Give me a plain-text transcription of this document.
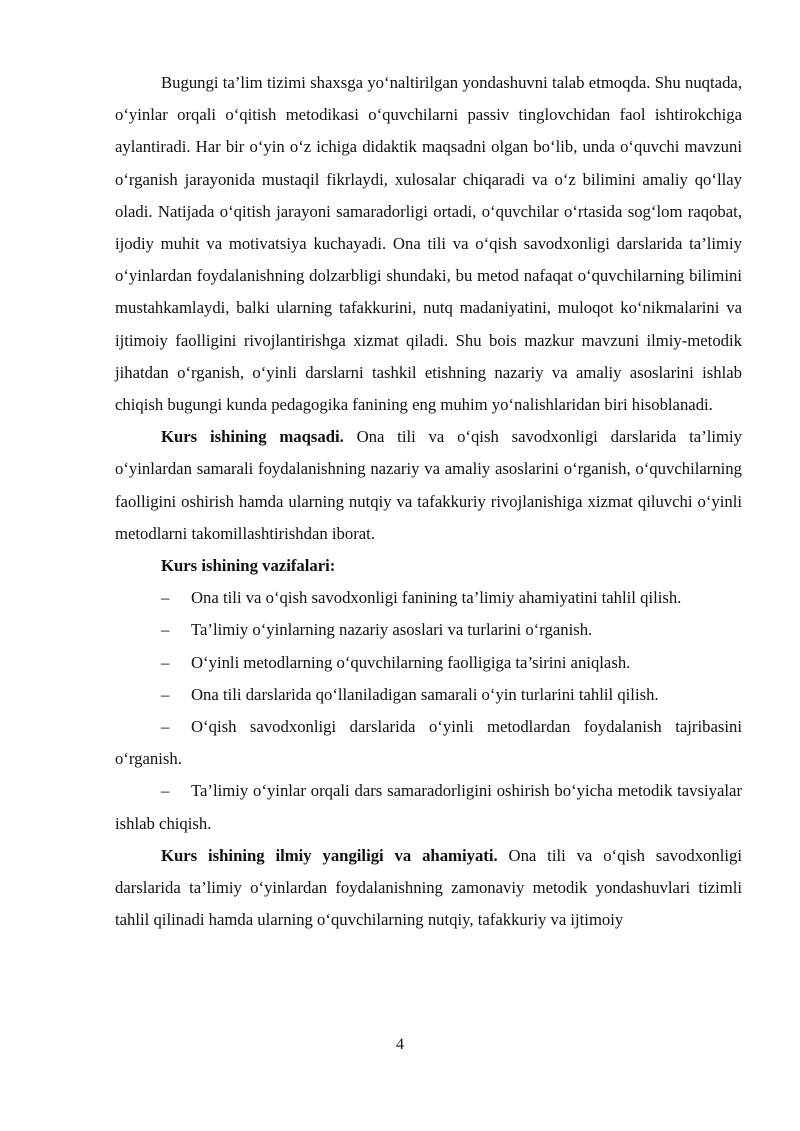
Bugungi ta’lim tizimi shaxsga yo‘naltirilgan yondashuvni talab etmoqda. Shu nuqtada, o‘yinlar orqali o‘qitish metodikasi o‘quvchilarni passiv tinglovchidan faol ishtirokchiga aylantiradi. Har bir o‘yin o‘z ichiga didaktik maqsadni olgan bo‘lib, unda o‘quvchi mavzuni o‘rganish jarayonida mustaqil fikrlaydi, xulosalar chiqaradi va o‘z bilimini amaliy qo‘llay oladi. Natijada o‘qitish jarayoni samaradorligi ortadi, o‘quvchilar o‘rtasida sog‘lom raqobat, ijodiy muhit va motivatsiya kuchayadi. Ona tili va o‘qish savodxonligi darslarida ta’limiy o‘yinlardan foydalanishning dolzarbligi shundaki, bu metod nafaqat o‘quvchilarning bilimini mustahkamlaydi, balki ularning tafakkurini, nutq madaniyatini, muloqot ko‘nikmalarini va ijtimoiy faolligini rivojlantirishga xizmat qiladi. Shu bois mazkur mavzuni ilmiy-metodik jihatdan o‘rganish, o‘yinli darslarni tashkil etishning nazariy va amaliy asoslarini ishlab chiqish bugungi kunda pedagogika fanining eng muhim yo‘nalishlaridan biri hisoblanadi.

Kurs ishining maqsadi. Ona tili va o‘qish savodxonligi darslarida ta’limiy o‘yinlardan samarali foydalanishning nazariy va amaliy asoslarini o‘rganish, o‘quvchilarning faolligini oshirish hamda ularning nutqiy va tafakkuriy rivojlanishiga xizmat qiluvchi o‘yinli metodlarni takomillashtirishdan iborat.

Kurs ishining vazifalari:

–	Ona tili va o‘qish savodxonligi fanining ta’limiy ahamiyatini tahlil qilish.
–	Ta’limiy o‘yinlarning nazariy asoslari va turlarini o‘rganish.
–	O‘yinli metodlarning o‘quvchilarning faolligiga ta’sirini aniqlash.
–	Ona tili darslarida qo‘llaniladigan samarali o‘yin turlarini tahlil qilish.

– O‘qish savodxonligi darslarida o‘yinli metodlardan foydalanish tajribasini o‘rganish.

– Ta’limiy o‘yinlar orqali dars samaradorligini oshirish bo‘yicha metodik tavsiyalar ishlab chiqish.

Kurs ishining ilmiy yangiligi va ahamiyati. Ona tili va o‘qish savodxonligi darslarida ta’limiy o‘yinlardan foydalanishning zamonaviy metodik yondashuvlari tizimli tahlil qilinadi hamda ularning o‘quvchilarning nutqiy, tafakkuriy va ijtimoiy

4
